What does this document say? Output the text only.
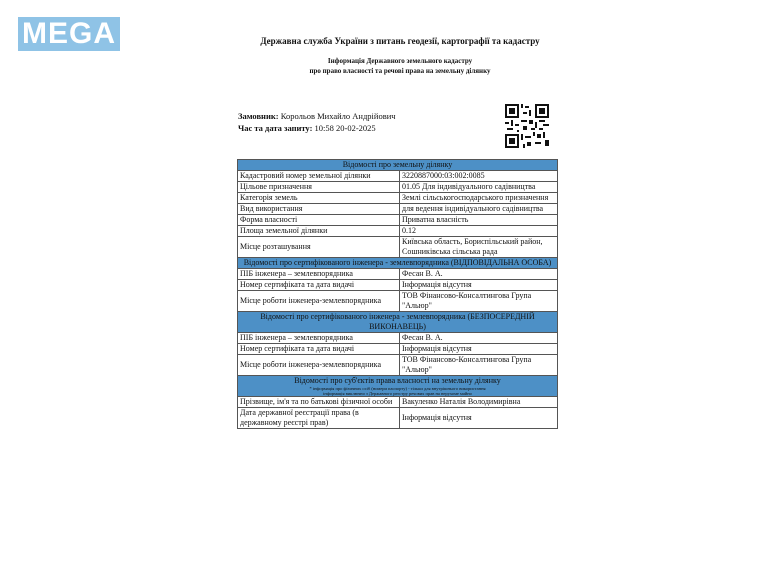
MEGA	Державна служба України з питань геодезії, картографії та кадастру
Інформація Державного земельного кадастру
про право власності та речові права на земельну ділянку
Замовник: Корольов Михайло Андрійович
Час та дата запиту: 10:58 20-02-2025
Відомості про земельну ділянку	
Кадастровий номер земельної ділянки	3220887000:03:002:0085
Цільове призначення	01.05 Для індивідуального садівництва
Категорія земель	Землі сільськогосподарського призначення
Вид використання	для ведення індивідуального садівництва
Форма власності	Приватна власність
Площа земельної ділянки	0.12
Місце розташування	Київська область, Бориспільський район, Сошниківська сільська рада

Відомості про сертифікованого інженера - землевпорядника (ВІДПОВІДАЛЬНА ОСОБА)	

ПІБ інженера – землевпорядника	Фесан В. А.
Номер сертифіката та дата видачі	Інформація відсутня
Місце роботи інженера-землевпорядника	ТОВ Фінансово-Консалтингова Група "Альюр"

Відомості про сертифікованого інженера - землевпорядника (БЕЗПОСЕРЕДНІЙ ВИКОНАВЕЦЬ)	

ПІБ інженера – землевпорядника	Фесан В. А.
Номер сертифіката та дата видачі	Інформація відсутня
Місце роботи інженера-землевпорядника	ТОВ Фінансово-Консалтингова Група "Альюр"

Відомості про суб'єктів права власності на земельну ділянку
* інформація про фізичних осіб (номери паспорту) - тільки для внутрішнього використання
інформація виключно з Державного реєстру речових прав на нерухоме майно	

Прізвище, ім'я та по батькові фізичної особи	Вакуленко Наталія Володимирівна
Дата державної реєстрації права (в державному реєстрі прав)	Інформація відсутня
